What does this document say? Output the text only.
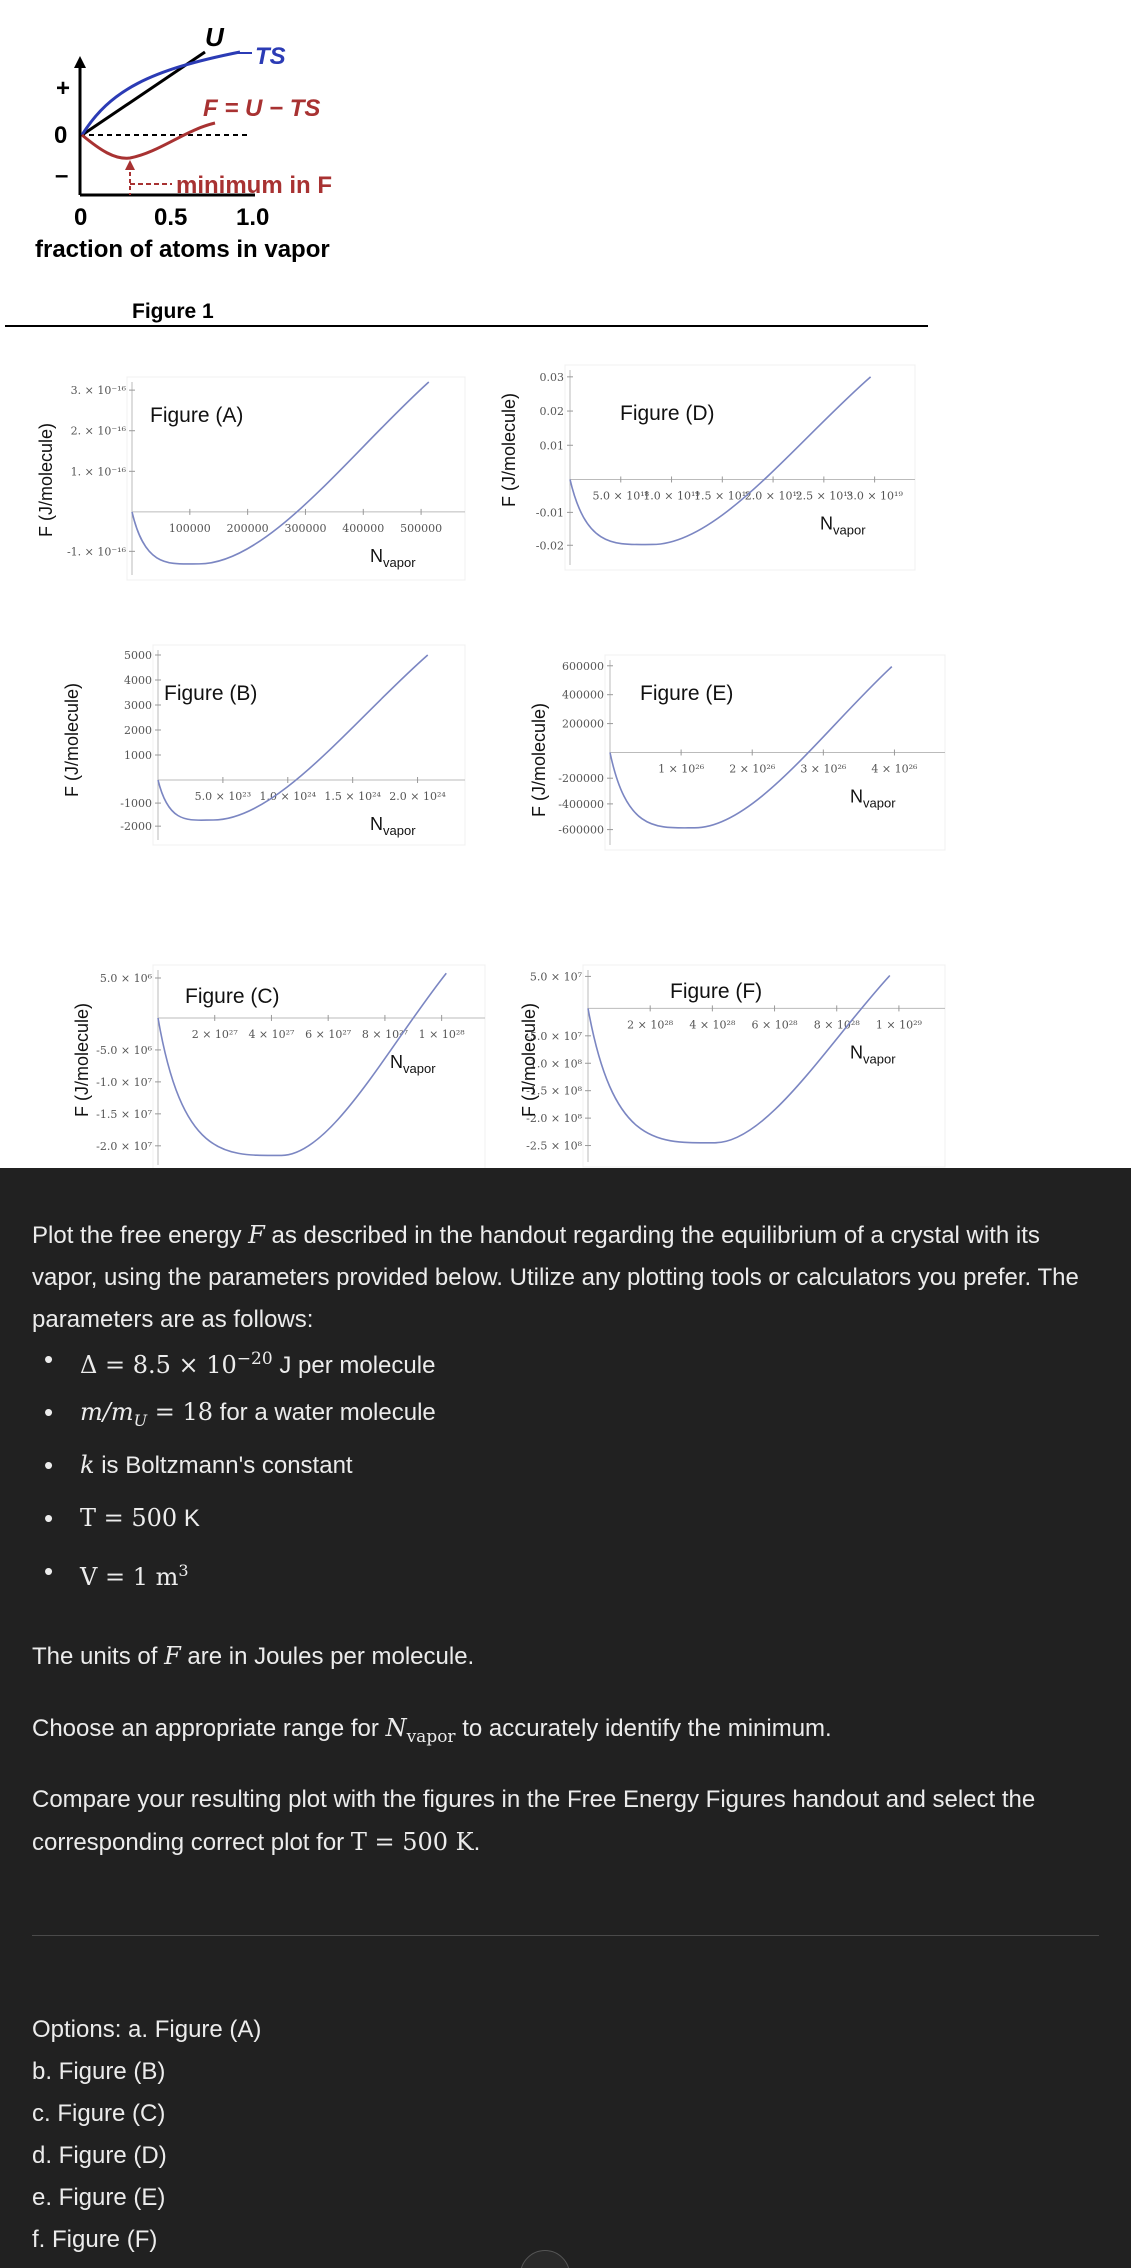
U
TS
F = U − TS
minimum in F
+
0
–
0	0.5 1.0
fraction of atoms in vapor
Figure 1
100000 200000 300000 400000 500000
3. × 10⁻¹⁶
2. × 10⁻¹⁶
1. × 10⁻¹⁶
-1. × 10⁻¹⁶
Figure (A)
F (J/molecule)
$N_{vapor}$
5.0 × 10²³ 1.0 × 10²⁴ 1.5 × 10²⁴ 2.0 × 10²⁴
5000
4000
3000
2000
1000
-1000
-2000
Figure (B)
F (J/molecule)
$N_{vapor}$
2 × 10²⁷ 4 × 10²⁷ 6 × 10²⁷ 8 × 10²⁷ 1 × 10²⁸
5.0 × 10⁶
-5.0 × 10⁶
-1.0 × 10⁷
-1.5 × 10⁷
-2.0 × 10⁷
Figure (C)
F (J/molecule)	$N_{vapor}$
5.0 × 10¹⁸
1.0 × 10¹⁹
1.5 × 10¹⁹
2.0 × 10¹⁹
2.5 × 10¹⁹
3.0 × 10¹⁹
0.03
0.02
0.01
-0.01
-0.02
Figure (D)
F (J/molecule)
$N_{vapor}$
1 × 10²⁶ 2 × 10²⁶ 3 × 10²⁶ 4 × 10²⁶
600000
400000
200000
-200000
-400000
-600000
Figure (E)
F (J/molecule)	$N_{vapor}$
2 × 10²⁸ 4 × 10²⁸ 6 × 10²⁸ 8 × 10²⁸ 1 × 10²⁹
5.0 × 10⁷
-5.0 × 10⁷
-1.0 × 10⁸
-1.5 × 10⁸
-2.0 × 10⁸
-2.5 × 10⁸
Figure (F)
F (J/molecule)	$N_{vapor}$

Plot the free energy F as described in the handout regarding the equilibrium of a crystal with its vapor, using the parameters provided below. Utilize any plotting tools or calculators you prefer. The parameters are as follows:

• $\Delta = 8.5 \times 10^{-20}$ J per molecule
• $m/m_U = 18$ for a water molecule
• k is Boltzmann's constant
• T = 500 K
• V = 1 $m^3$

The units of F are in Joules per molecule.

Choose an appropriate range for $N_{vapor}$ to accurately identify the minimum.

Compare your resulting plot with the figures in the Free Energy Figures handout and select the corresponding correct plot for T = 500 K.

Options: a. Figure (A)
b. Figure (B)
c. Figure (C)
d. Figure (D)
e. Figure (E)
f. Figure (F)
